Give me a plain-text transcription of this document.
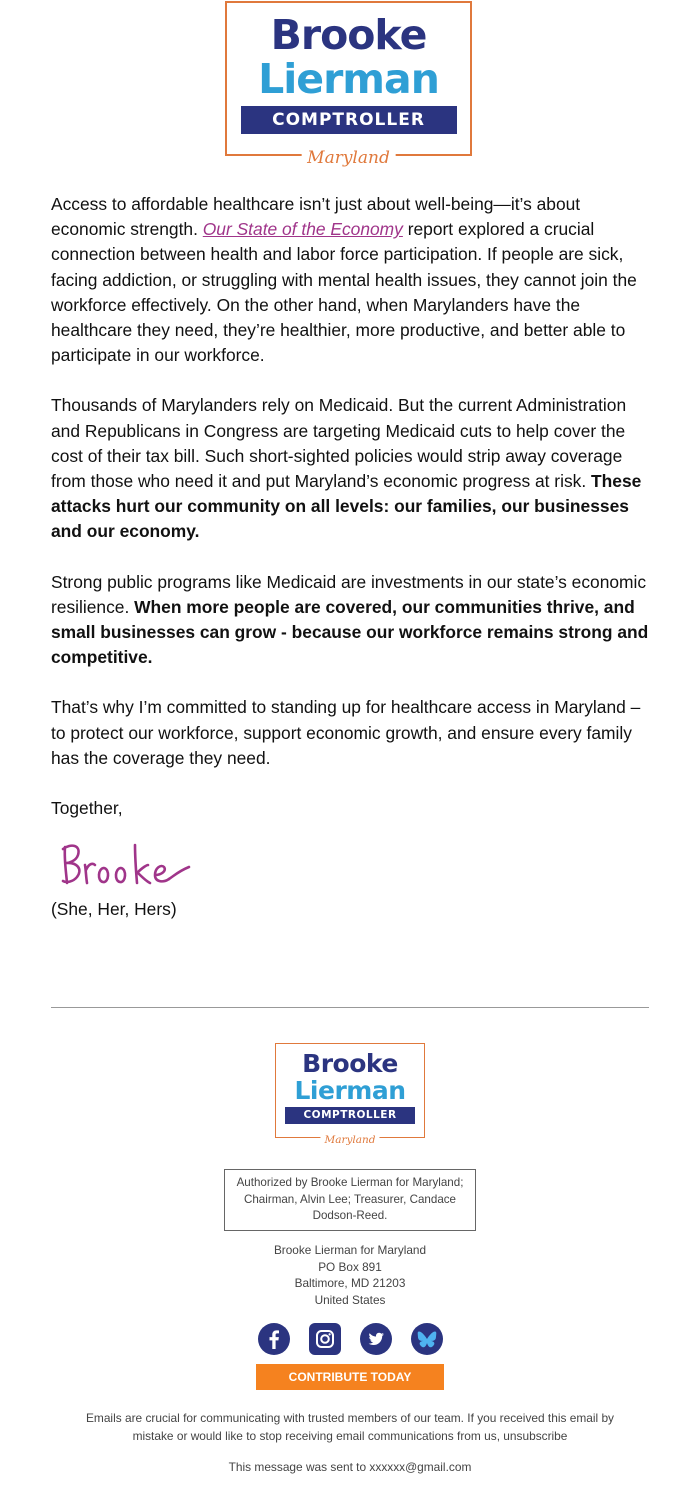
Brooke
Lierman
COMPTROLLER
Maryland

Access to affordable healthcare isn’t just about well-being—it’s about economic strength. Our State of the Economy report explored a crucial connection between health and labor force participation. If people are sick, facing addiction, or struggling with mental health issues, they cannot join the workforce effectively. On the other hand, when Marylanders have the healthcare they need, they’re healthier, more productive, and better able to participate in our workforce.

Thousands of Marylanders rely on Medicaid. But the current Administration and Republicans in Congress are targeting Medicaid cuts to help cover the cost of their tax bill. Such short-sighted policies would strip away coverage from those who need it and put Maryland’s economic progress at risk. These attacks hurt our community on all levels: our families, our businesses and our economy.

Strong public programs like Medicaid are investments in our state’s economic resilience. When more people are covered, our communities thrive, and small businesses can grow - because our workforce remains strong and competitive.

That’s why I’m committed to standing up for healthcare access in Maryland – to protect our workforce, support economic growth, and ensure every family has the coverage they need.

Together,

(She, Her, Hers)

Brooke
Lierman
COMPTROLLER
Maryland
Authorized by Brooke Lierman for Maryland; Chairman, Alvin Lee; Treasurer, Candace Dodson-Reed.
Brooke Lierman for Maryland
PO Box 891
Baltimore, MD 21203
United States
CONTRIBUTE TODAY
Emails are crucial for communicating with trusted members of our team. If you received this email by mistake or would like to stop receiving email communications from us, unsubscribe
This message was sent to xxxxxx@gmail.com
